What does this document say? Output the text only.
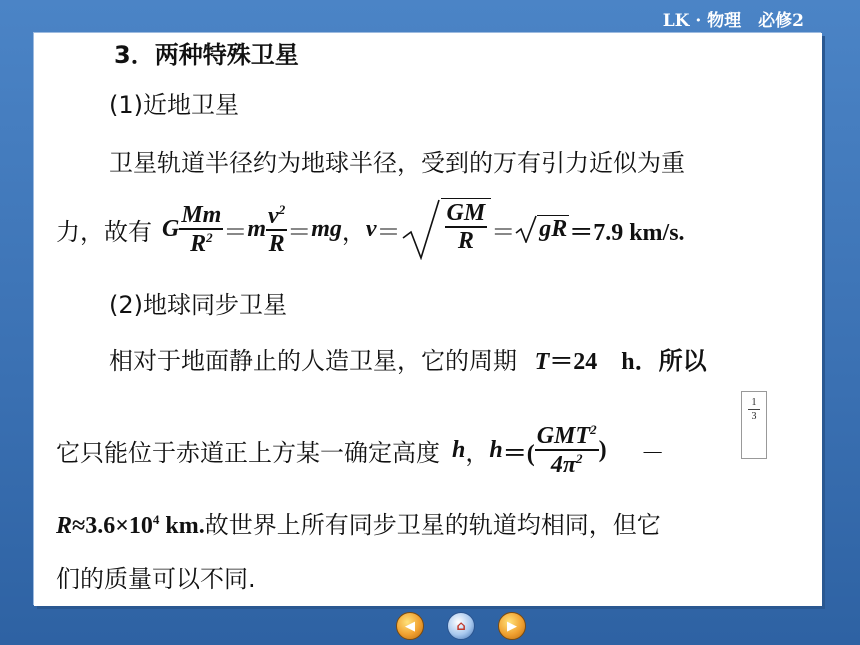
LK · 物理　必修2
3．两种特殊卫星
(1)近地卫星
卫星轨道半径约为地球半径，受到的万有引力近似为重
力，故有 G $\frac{Mm}{R^2} = m \frac{v^2}{R}$ ＝ mg ， $v = \frac{GM}{R}$ ＝ gR ＝7.9 km/s.
(2)地球同步卫星
相对于地面静止的人造卫星，它的周期 T＝24　h．所以
它只能位于赤道正上方某一确定高度 h ， h ＝( $\frac{GMT^2}{4\pi^2}$ ) －
1
3
$R\approx 3.6\times 10^4$ km.故世界上所有同步卫星的轨道均相同，但它
们的质量可以不同.
◀	⌂	▶
